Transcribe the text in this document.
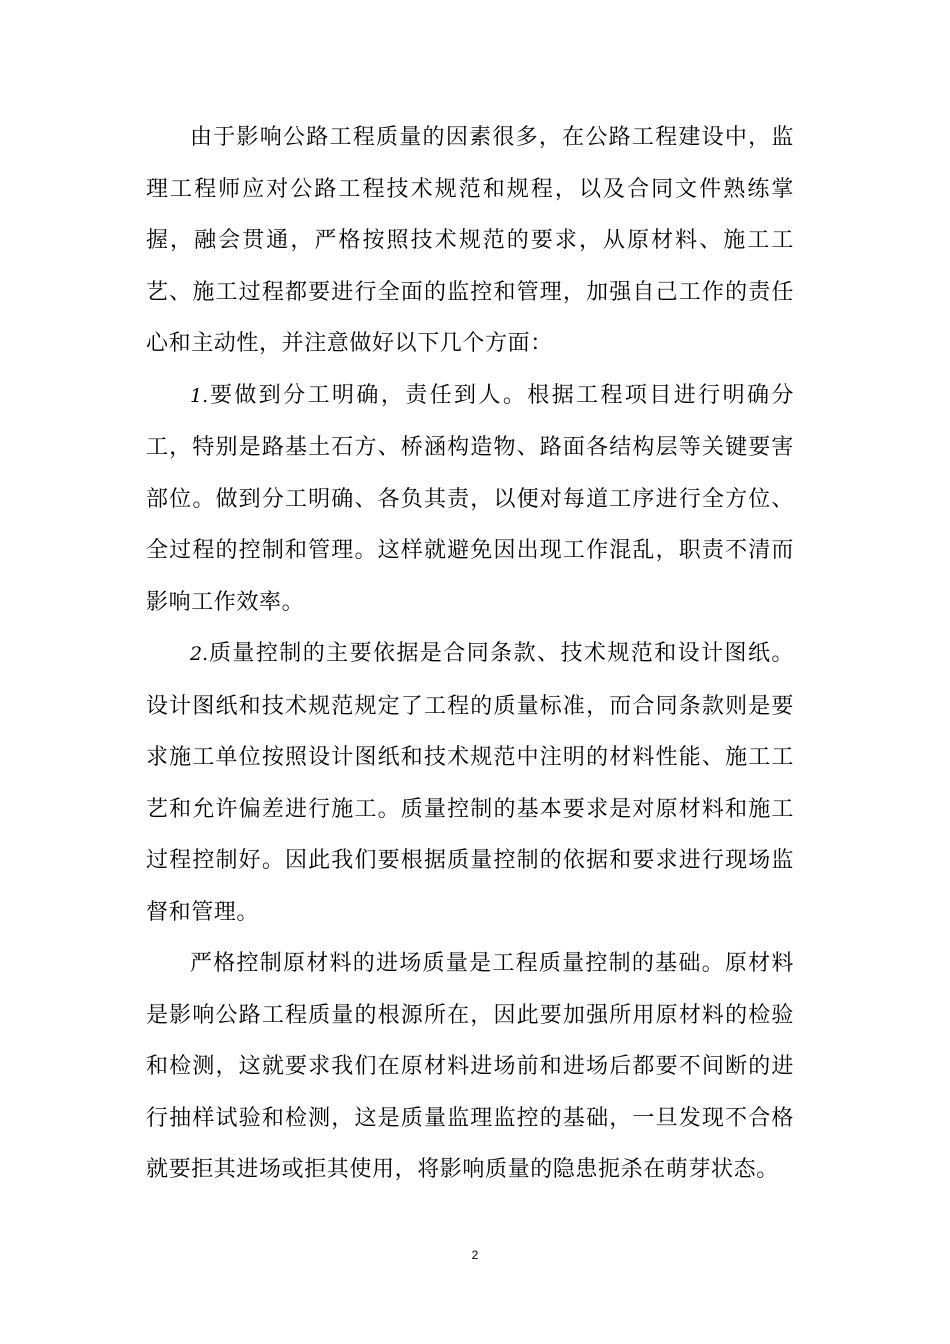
由于影响公路工程质量的因素很多，在公路工程建设中，监理工程师应对公路工程技术规范和规程，以及合同文件熟练掌握，融会贯通，严格按照技术规范的要求，从原材料、施工工艺、施工过程都要进行全面的监控和管理，加强自己工作的责任心和主动性，并注意做好以下几个方面：

1.要做到分工明确，责任到人。根据工程项目进行明确分工，特别是路基土石方、桥涵构造物、路面各结构层等关键要害部位。做到分工明确、各负其责，以便对每道工序进行全方位、全过程的控制和管理。这样就避免因出现工作混乱，职责不清而影响工作效率。

2.质量控制的主要依据是合同条款、技术规范和设计图纸。设计图纸和技术规范规定了工程的质量标准，而合同条款则是要求施工单位按照设计图纸和技术规范中注明的材料性能、施工工艺和允许偏差进行施工。质量控制的基本要求是对原材料和施工过程控制好。因此我们要根据质量控制的依据和要求进行现场监督和管理。

严格控制原材料的进场质量是工程质量控制的基础。原材料是影响公路工程质量的根源所在，因此要加强所用原材料的检验和检测，这就要求我们在原材料进场前和进场后都要不间断的进行抽样试验和检测，这是质量监理监控的基础，一旦发现不合格就要拒其进场或拒其使用，将影响质量的隐患扼杀在萌芽状态。

2
